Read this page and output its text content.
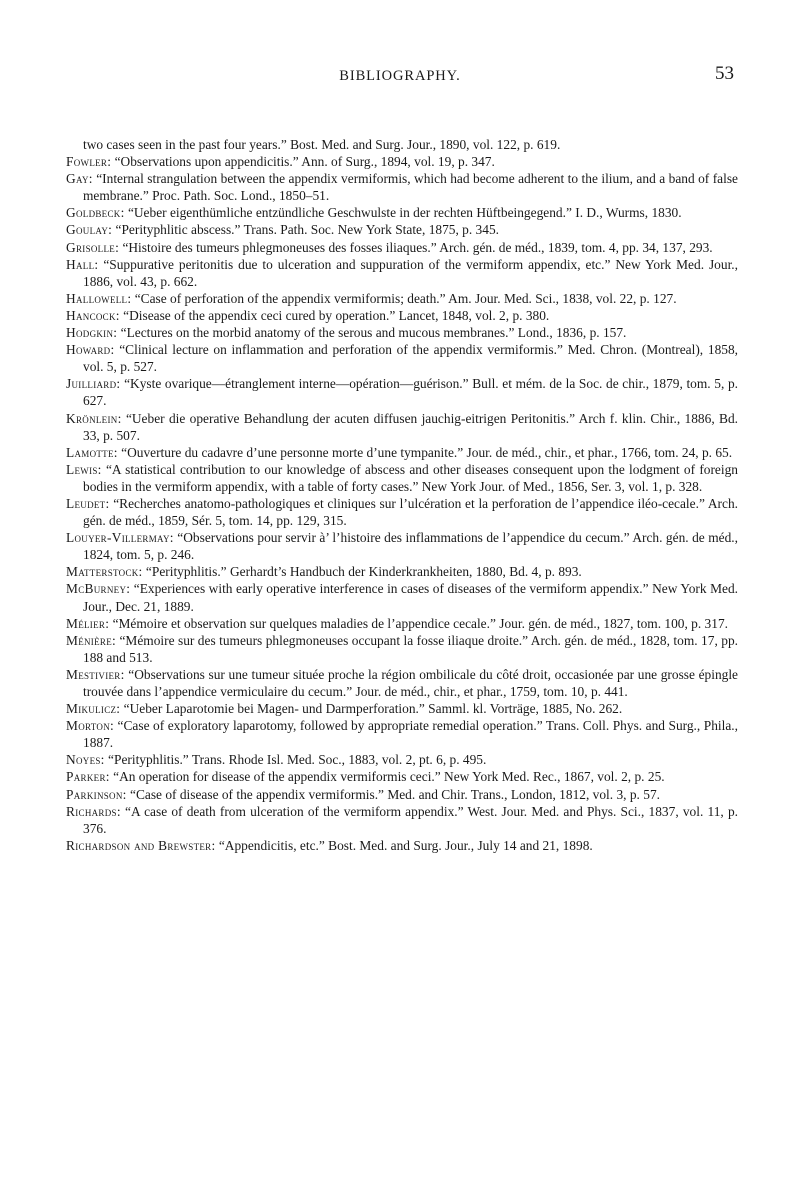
BIBLIOGRAPHY.	53

two cases seen in the past four years.” Bost. Med. and Surg. Jour., 1890, vol. 122, p. 619.

Fowler: “Observations upon appendicitis.” Ann. of Surg., 1894, vol. 19, p. 347.

Gay: “Internal strangulation between the appendix vermiformis, which had become adherent to the ilium, and a band of false membrane.” Proc. Path. Soc. Lond., 1850–51.

Goldbeck: “Ueber eigenthümliche entzündliche Geschwulste in der rechten Hüftbeingegend.” I. D., Wurms, 1830.

Goulay: “Perityphlitic abscess.” Trans. Path. Soc. New York State, 1875, p. 345.

Grisolle: “Histoire des tumeurs phlegmoneuses des fosses iliaques.” Arch. gén. de méd., 1839, tom. 4, pp. 34, 137, 293.

Hall: “Suppurative peritonitis due to ulceration and suppuration of the vermiform appendix, etc.” New York Med. Jour., 1886, vol. 43, p. 662.

Hallowell: “Case of perforation of the appendix vermiformis; death.” Am. Jour. Med. Sci., 1838, vol. 22, p. 127.

Hancock: “Disease of the appendix ceci cured by operation.” Lancet, 1848, vol. 2, p. 380.

Hodgkin: “Lectures on the morbid anatomy of the serous and mucous membranes.” Lond., 1836, p. 157.

Howard: “Clinical lecture on inflammation and perforation of the appendix vermiformis.” Med. Chron. (Montreal), 1858, vol. 5, p. 527.

Juilliard: “Kyste ovarique—étranglement interne—opération—guérison.” Bull. et mém. de la Soc. de chir., 1879, tom. 5, p. 627.

Krönlein: “Ueber die operative Behandlung der acuten diffusen jauchig-eitrigen Peritonitis.” Arch f. klin. Chir., 1886, Bd. 33, p. 507.

Lamotte: “Ouverture du cadavre d’une personne morte d’une tympanite.” Jour. de méd., chir., et phar., 1766, tom. 24, p. 65.

Lewis: “A statistical contribution to our knowledge of abscess and other diseases consequent upon the lodgment of foreign bodies in the vermiform appendix, with a table of forty cases.” New York Jour. of Med., 1856, Ser. 3, vol. 1, p. 328.

Leudet: “Recherches anatomo-pathologiques et cliniques sur l’ulcération et la perforation de l’appendice iléo-cecale.” Arch. gén. de méd., 1859, Sér. 5, tom. 14, pp. 129, 315.

Louyer-Villermay: “Observations pour servir à’ l’histoire des inflammations de l’appendice du cecum.” Arch. gén. de méd., 1824, tom. 5, p. 246.

Matterstock: “Perityphlitis.” Gerhardt’s Handbuch der Kinderkrankheiten, 1880, Bd. 4, p. 893.

McBurney: “Experiences with early operative interference in cases of diseases of the vermiform appendix.” New York Med. Jour., Dec. 21, 1889.

Mélier: “Mémoire et observation sur quelques maladies de l’appendice cecale.” Jour. gén. de méd., 1827, tom. 100, p. 317.

Ménière: “Mémoire sur des tumeurs phlegmoneuses occupant la fosse iliaque droite.” Arch. gén. de méd., 1828, tom. 17, pp. 188 and 513.

Mestivier: “Observations sur une tumeur située proche la région ombilicale du côté droit, occasionée par une grosse épingle trouvée dans l’appendice vermiculaire du cecum.” Jour. de méd., chir., et phar., 1759, tom. 10, p. 441.

Mikulicz: “Ueber Laparotomie bei Magen- und Darmperforation.” Samml. kl. Vorträge, 1885, No. 262.

Morton: “Case of exploratory laparotomy, followed by appropriate remedial operation.” Trans. Coll. Phys. and Surg., Phila., 1887.

Noyes: “Perityphlitis.” Trans. Rhode Isl. Med. Soc., 1883, vol. 2, pt. 6, p. 495.

Parker: “An operation for disease of the appendix vermiformis ceci.” New York Med. Rec., 1867, vol. 2, p. 25.

Parkinson: “Case of disease of the appendix vermiformis.” Med. and Chir. Trans., London, 1812, vol. 3, p. 57.

Richards: “A case of death from ulceration of the vermiform appendix.” West. Jour. Med. and Phys. Sci., 1837, vol. 11, p. 376.

Richardson and Brewster: “Appendicitis, etc.” Bost. Med. and Surg. Jour., July 14 and 21, 1898.
